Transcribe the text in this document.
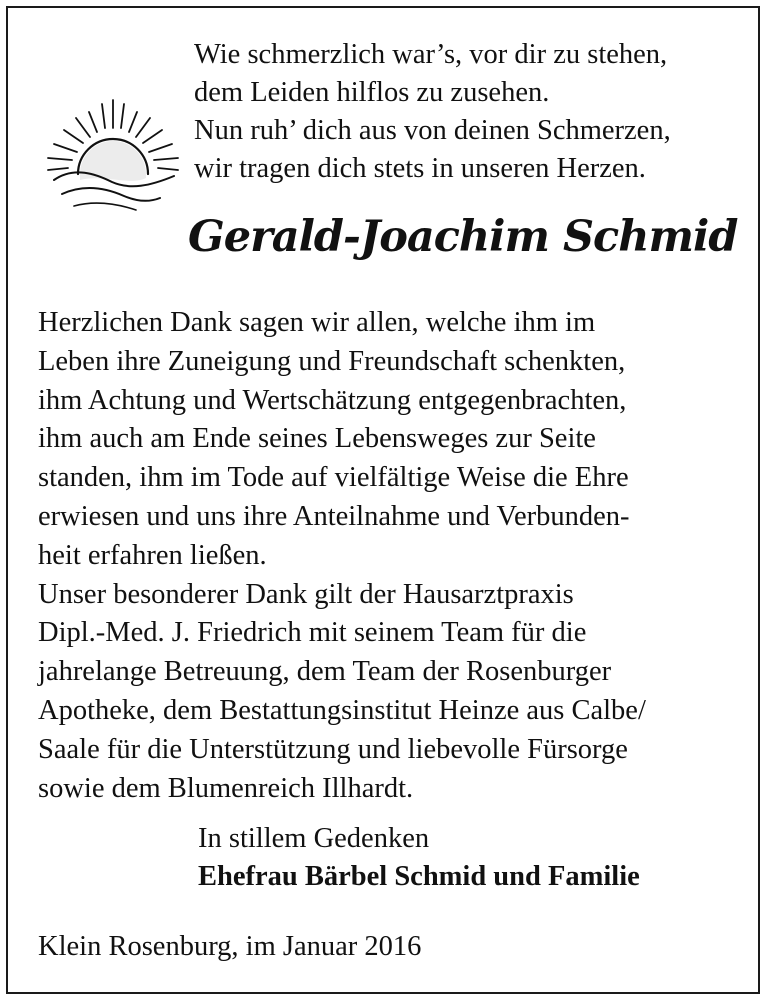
Wie schmerzlich war’s, vor dir zu stehen,
dem Leiden hilflos zu zusehen.
Nun ruh’ dich aus von deinen Schmerzen,
wir tragen dich stets in unseren Herzen.
Gerald-Joachim Schmid
Herzlichen Dank sagen wir allen, welche ihm im
Leben ihre Zuneigung und Freundschaft schenkten,
ihm Achtung und Wertschätzung entgegenbrachten,
ihm auch am Ende seines Lebensweges zur Seite
standen, ihm im Tode auf vielfältige Weise die Ehre
erwiesen und uns ihre Anteilnahme und Verbunden-
heit erfahren ließen.
Unser besonderer Dank gilt der Hausarztpraxis
Dipl.-Med. J. Friedrich mit seinem Team für die
jahrelange Betreuung, dem Team der Rosenburger
Apotheke, dem Bestattungsinstitut Heinze aus Calbe/
Saale für die Unterstützung und liebevolle Fürsorge
sowie dem Blumenreich Illhardt.
In stillem Gedenken
Ehefrau Bärbel Schmid und Familie
Klein Rosenburg, im Januar 2016
